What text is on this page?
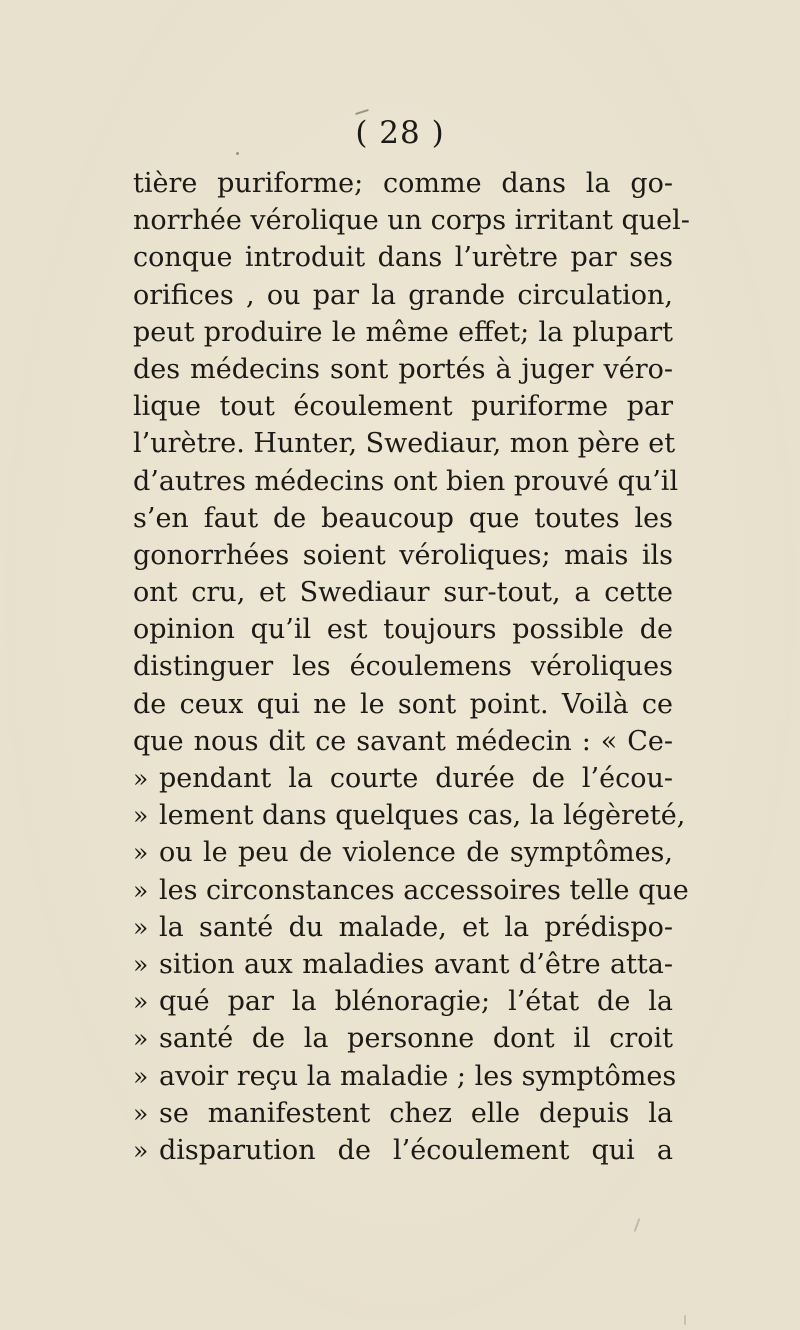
( 28 )
tière puriforme; comme dans la go-
norrhée vérolique un corps irritant quel-
conque introduit dans l’urètre par ses
orifices , ou par la grande circulation,
peut produire le même effet; la plupart
des médecins sont portés à juger véro-
lique tout écoulement puriforme par
l’urètre. Hunter, Swediaur, mon père et
d’autres médecins ont bien prouvé qu’il
s’en faut de beaucoup que toutes les
gonorrhées soient véroliques; mais ils
ont cru, et Swediaur sur-tout, a cette
opinion qu’il est toujours possible de
distinguer les écoulemens véroliques
de ceux qui ne le sont point. Voilà ce
que nous dit ce savant médecin : « Ce-
» pendant la courte durée de l’écou-
» lement dans quelques cas, la légèreté,
» ou le peu de violence de symptômes,
» les circonstances accessoires telle que
» la santé du malade, et la prédispo-
» sition aux maladies avant d’être atta-
» qué par la blénoragie; l’état de la
» santé de la personne dont il croit
» avoir reçu la maladie ; les symptômes
» se manifestent chez elle depuis la
» disparution de l’écoulement qui a
